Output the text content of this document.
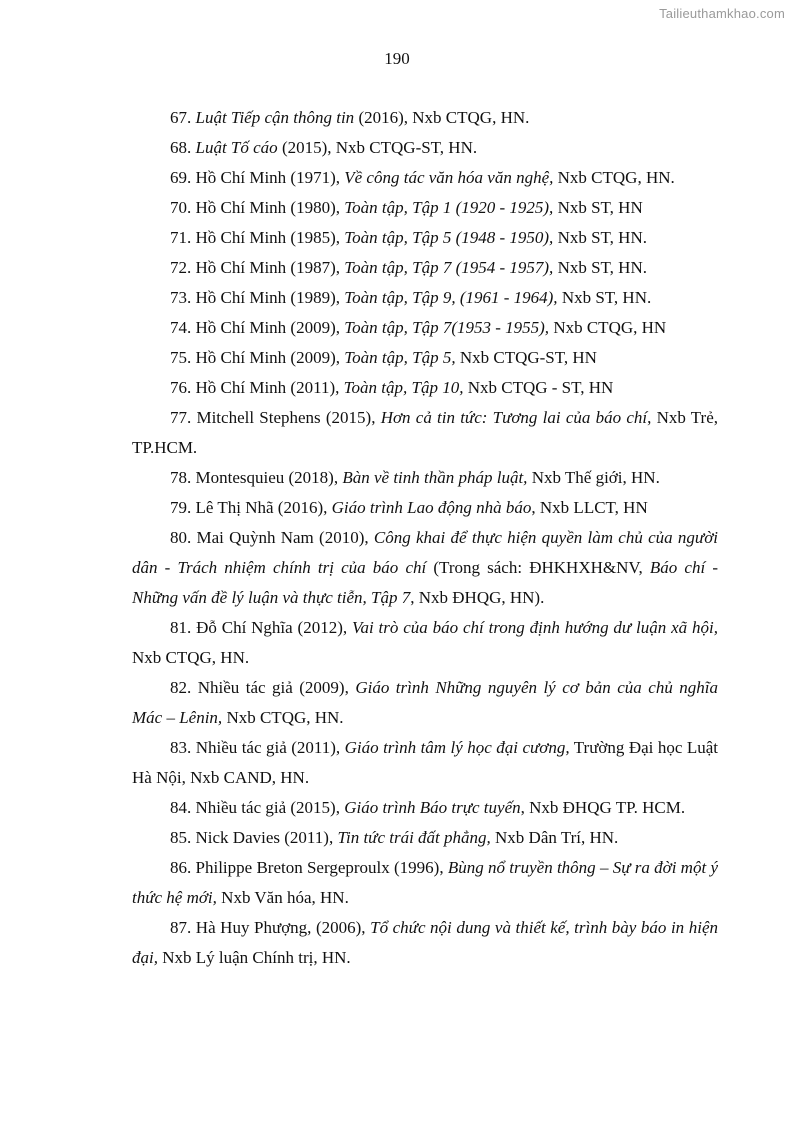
Tailieuthamkhao.com
190

67. Luật Tiếp cận thông tin (2016), Nxb CTQG, HN.

68. Luật Tố cáo (2015), Nxb CTQG-ST, HN.

69. Hồ Chí Minh (1971), Về công tác văn hóa văn nghệ, Nxb CTQG, HN.

70. Hồ Chí Minh (1980), Toàn tập, Tập 1 (1920 - 1925), Nxb ST, HN

71. Hồ Chí Minh (1985), Toàn tập, Tập 5 (1948 - 1950), Nxb ST, HN.

72. Hồ Chí Minh (1987), Toàn tập, Tập 7 (1954 - 1957), Nxb ST, HN.

73. Hồ Chí Minh (1989), Toàn tập, Tập 9, (1961 - 1964), Nxb ST, HN.

74. Hồ Chí Minh (2009), Toàn tập, Tập 7(1953 - 1955), Nxb CTQG, HN

75. Hồ Chí Minh (2009), Toàn tập, Tập 5, Nxb CTQG-ST, HN

76. Hồ Chí Minh (2011), Toàn tập, Tập 10, Nxb CTQG - ST, HN

77. Mitchell Stephens (2015), Hơn cả tin tức: Tương lai của báo chí, Nxb Trẻ, TP.HCM.

78. Montesquieu (2018), Bàn về tinh thần pháp luật, Nxb Thế giới, HN.

79. Lê Thị Nhã (2016), Giáo trình Lao động nhà báo, Nxb LLCT, HN

80. Mai Quỳnh Nam (2010), Công khai để thực hiện quyền làm chủ của người dân - Trách nhiệm chính trị của báo chí (Trong sách: ĐHKHXH&NV, Báo chí - Những vấn đề lý luận và thực tiễn, Tập 7, Nxb ĐHQG, HN).

81. Đỗ Chí Nghĩa (2012), Vai trò của báo chí trong định hướng dư luận xã hội, Nxb CTQG, HN.

82. Nhiều tác giả (2009), Giáo trình Những nguyên lý cơ bản của chủ nghĩa Mác – Lênin, Nxb CTQG, HN.

83. Nhiều tác giả (2011), Giáo trình tâm lý học đại cương, Trường Đại học Luật Hà Nội, Nxb CAND, HN.

84. Nhiều tác giả (2015), Giáo trình Báo trực tuyến, Nxb ĐHQG TP. HCM.

85. Nick Davies (2011), Tin tức trái đất phẳng, Nxb Dân Trí, HN.

86. Philippe Breton Sergeproulx (1996), Bùng nổ truyền thông – Sự ra đời một ý thức hệ mới, Nxb Văn hóa, HN.

87. Hà Huy Phượng, (2006), Tổ chức nội dung và thiết kế, trình bày báo in hiện đại, Nxb Lý luận Chính trị, HN.
